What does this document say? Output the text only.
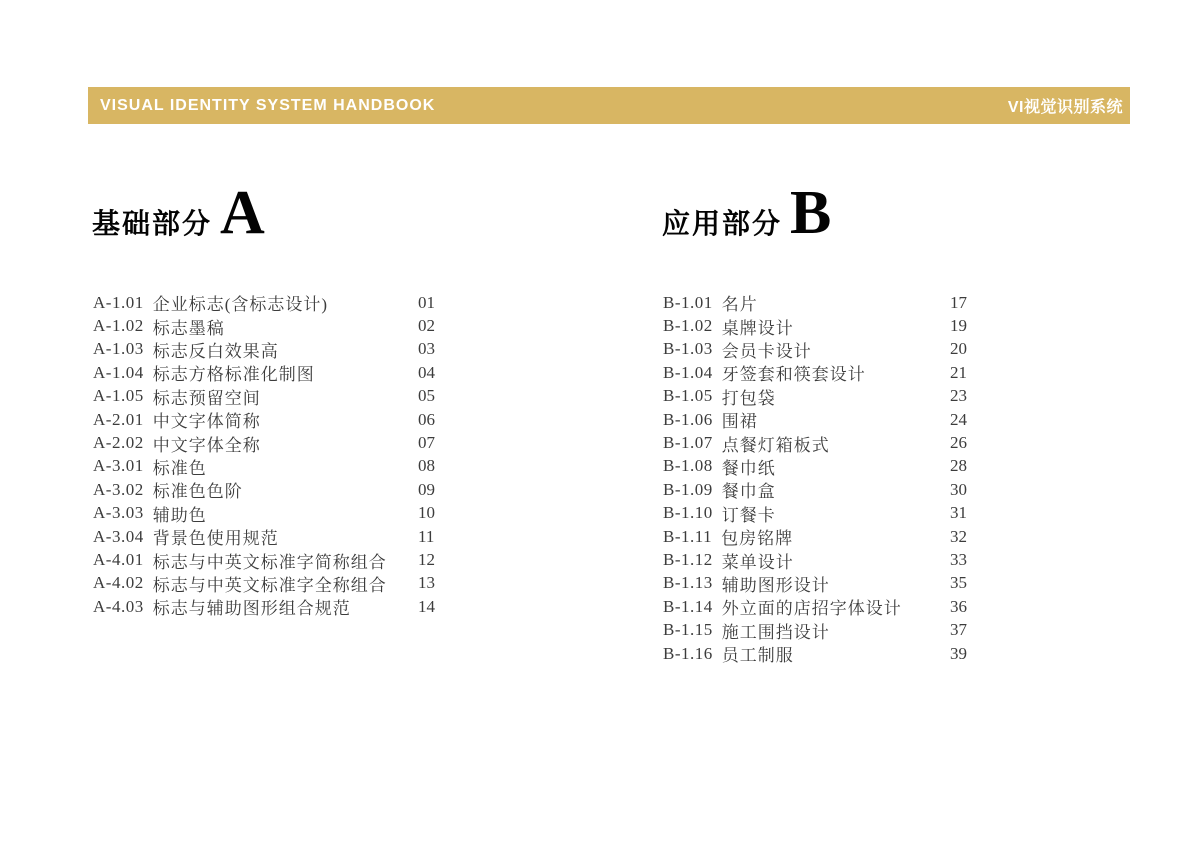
VISUAL IDENTITY SYSTEM HANDBOOK	VI视觉识别系统
基础部分 A	应用部分 B
A-1.01 企业标志(含标志设计)	01
A-1.02 标志墨稿	02
A-1.03 标志反白效果高	03
A-1.04 标志方格标准化制图	04
A-1.05 标志预留空间	05
A-2.01 中文字体简称	06
A-2.02 中文字体全称	07
A-3.01 标准色	08
A-3.02 标准色色阶	09
A-3.03 辅助色	10
A-3.04 背景色使用规范	11
A-4.01 标志与中英文标准字简称组合 12
A-4.02 标志与中英文标准字全称组合 13
A-4.03 标志与辅助图形组合规范	14
B-1.01 名片	17
B-1.02 桌牌设计	19
B-1.03 会员卡设计	20
B-1.04 牙签套和筷套设计	21
B-1.05 打包袋	23
B-1.06 围裙	24
B-1.07 点餐灯箱板式	26
B-1.08 餐巾纸	28
B-1.09 餐巾盒	30
B-1.10 订餐卡	31
B-1.11 包房铭牌	32
B-1.12 菜单设计	33
B-1.13 辅助图形设计	35
B-1.14 外立面的店招字体设计	36
B-1.15 施工围挡设计	37
B-1.16 员工制服	39
